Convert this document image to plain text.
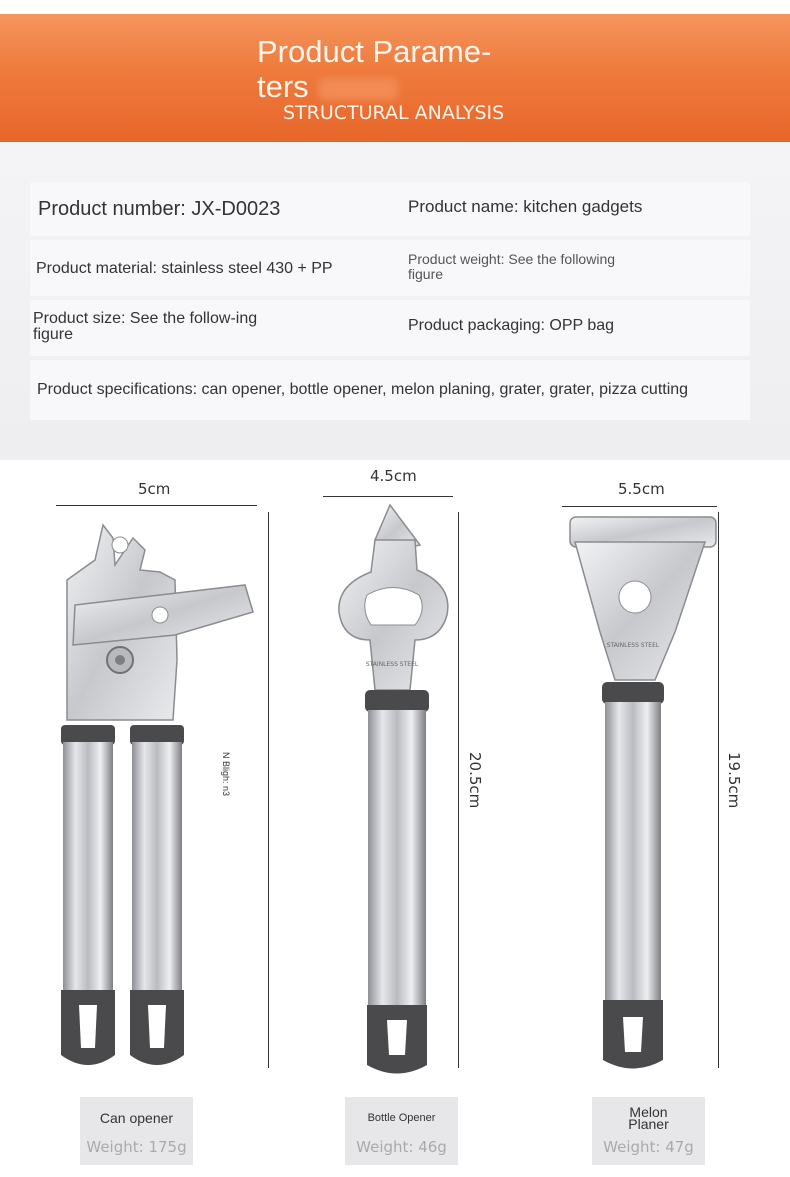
Product Parame-ters
STRUCTURAL ANALYSIS
Product number: JX-D0023	Product name: kitchen gadgets
Product material: stainless steel 430 + PP
Product weight: See the following figure
Product size: See the follow-ing figure
Product packaging: OPP bag
Product specifications: can opener, bottle opener, melon planing, grater, grater, pizza cutting
5cm
N Bligh: n3
4.5cm
20.5cm
5.5cm
19.5cm
STAINLESS STEEL
STAINLESS STEEL
Can opener
Weight: 175g
Bottle Opener
Weight: 46g
Melon Planer
Weight: 47g
